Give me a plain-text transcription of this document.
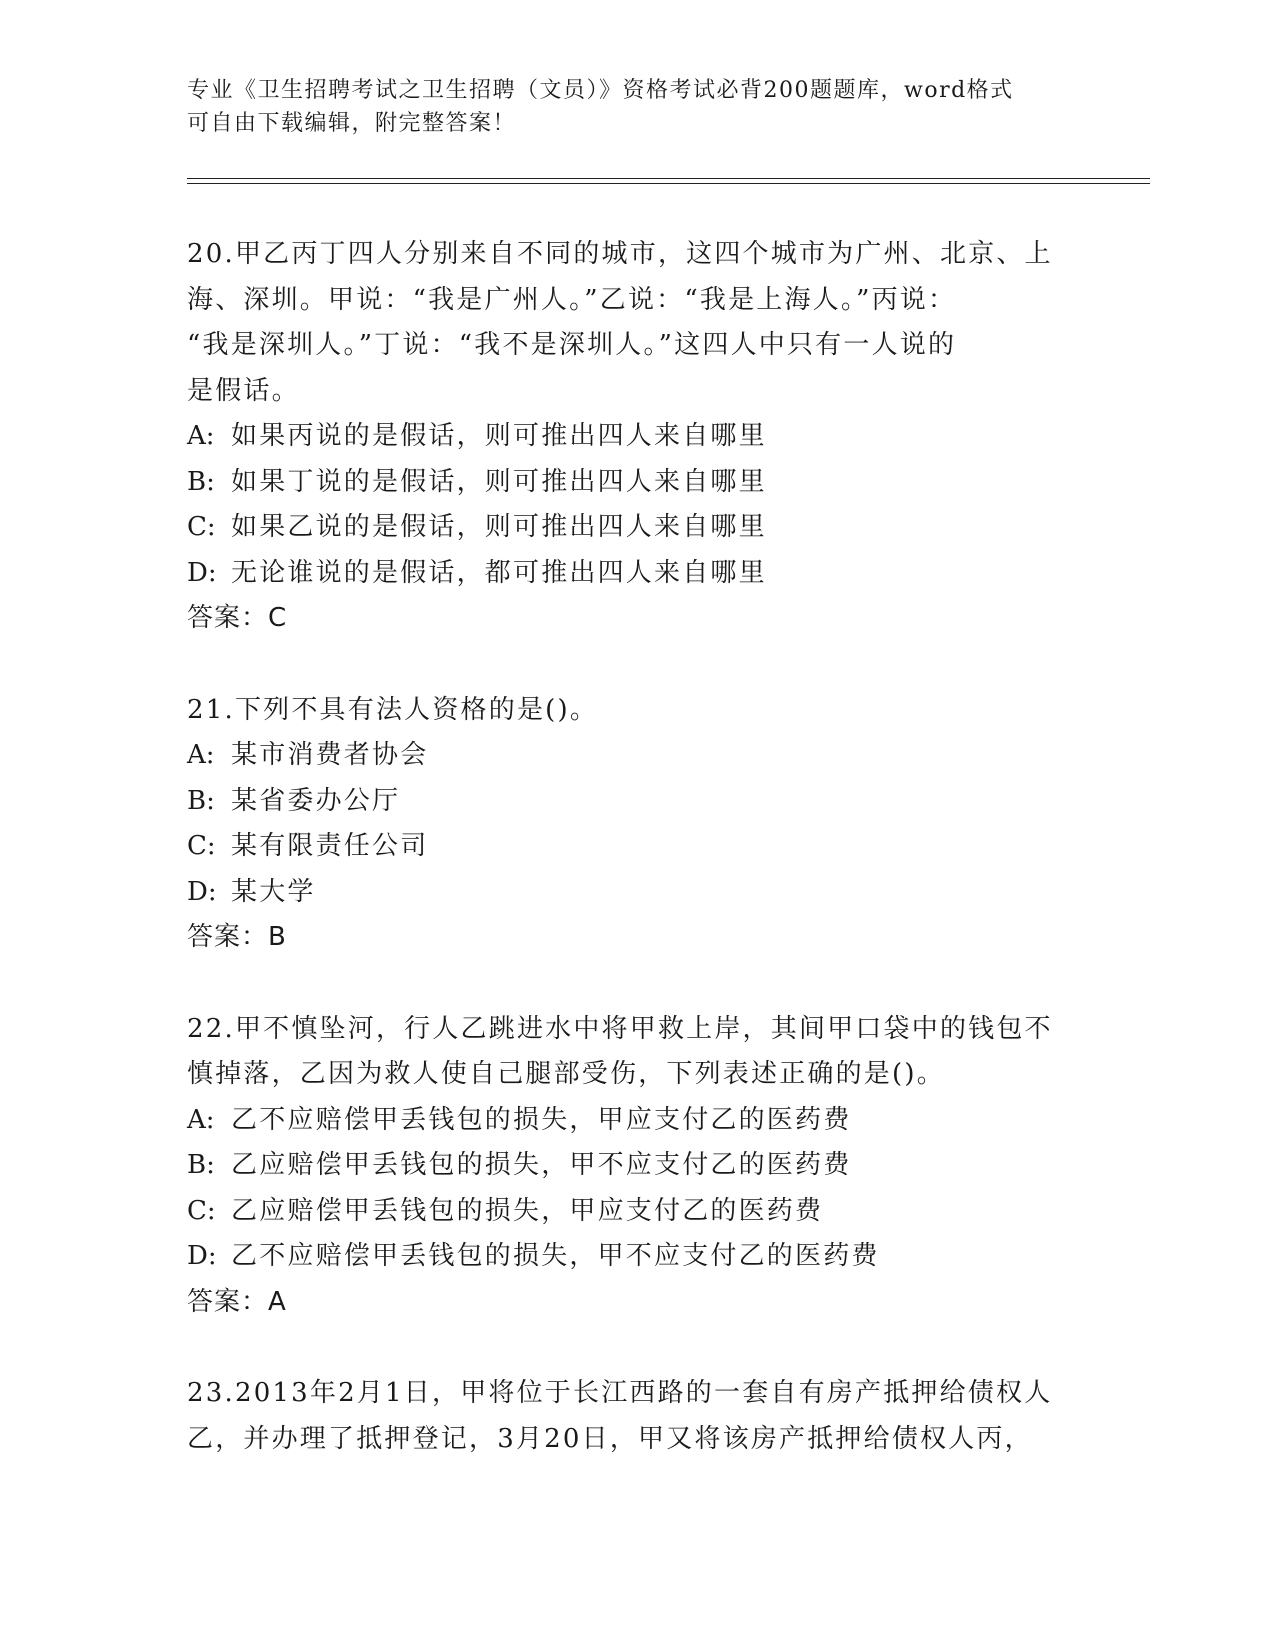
专业《卫生招聘考试之卫生招聘（文员）》资格考试必背200题题库，word格式
可自由下载编辑，附完整答案！

20.甲乙丙丁四人分别来自不同的城市，这四个城市为广州、北京、上
海、深圳。甲说：“我是广州人。”乙说：“我是上海人。”丙说：
“我是深圳人。”丁说：“我不是深圳人。”这四人中只有一人说的
是假话。

A: 如果丙说的是假话，则可推出四人来自哪里

B: 如果丁说的是假话，则可推出四人来自哪里

C: 如果乙说的是假话，则可推出四人来自哪里

D: 无论谁说的是假话，都可推出四人来自哪里

答案：C

21.下列不具有法人资格的是()。

A: 某市消费者协会

B: 某省委办公厅

C: 某有限责任公司

D: 某大学

答案：B

22.甲不慎坠河，行人乙跳进水中将甲救上岸，其间甲口袋中的钱包不
慎掉落，乙因为救人使自己腿部受伤，下列表述正确的是()。

A: 乙不应赔偿甲丢钱包的损失，甲应支付乙的医药费

B: 乙应赔偿甲丢钱包的损失，甲不应支付乙的医药费

C: 乙应赔偿甲丢钱包的损失，甲应支付乙的医药费

D: 乙不应赔偿甲丢钱包的损失，甲不应支付乙的医药费

答案：A

23.2013年2月1日，甲将位于长江西路的一套自有房产抵押给债权人
乙，并办理了抵押登记，3月20日，甲又将该房产抵押给债权人丙，
